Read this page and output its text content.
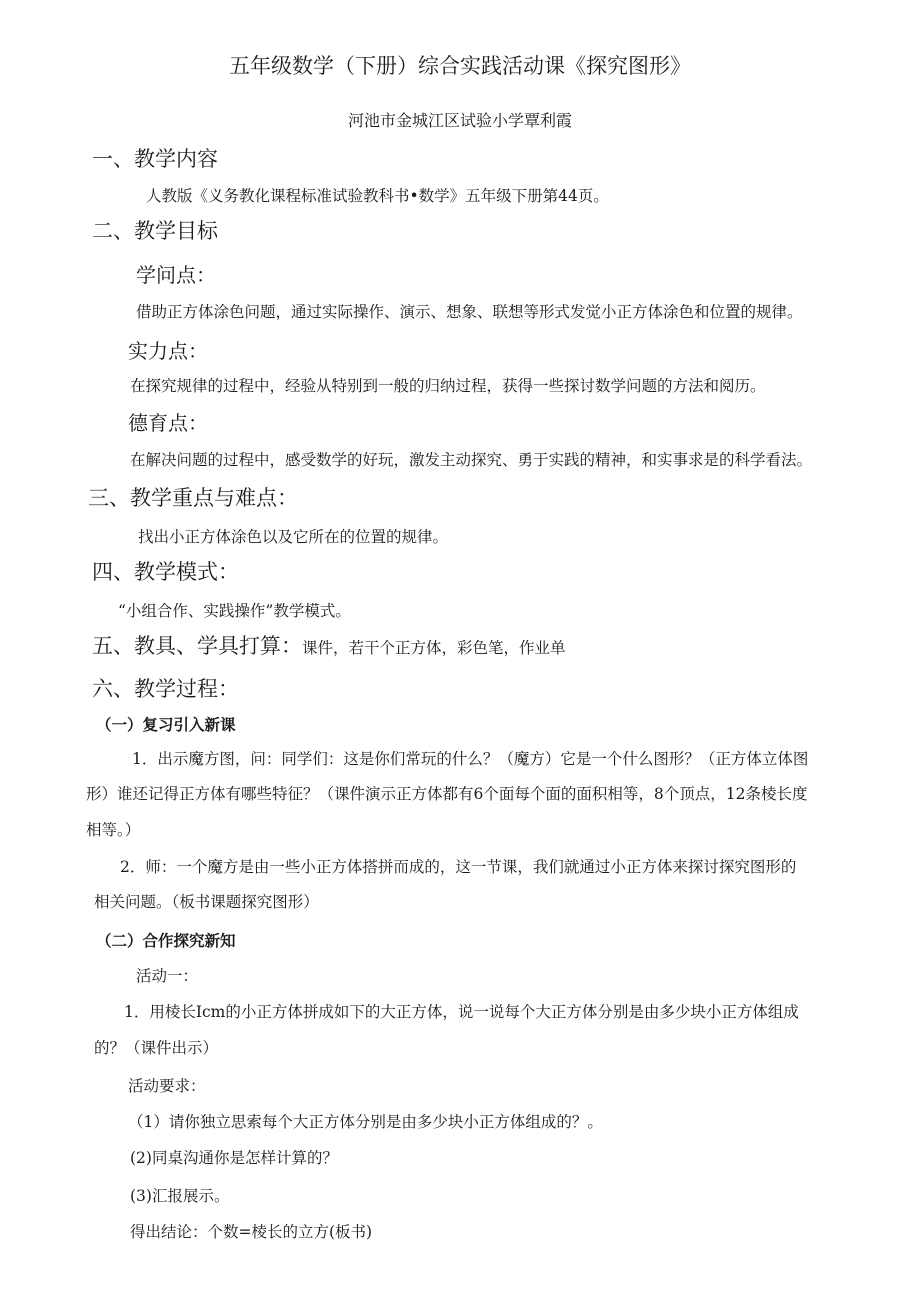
五年级数学（下册）综合实践活动课《探究图形》
河池市金城江区试验小学覃利霞
一、教学内容
人教版《义务教化课程标准试验教科书•数学》五年级下册第44页。
二、教学目标
学问点：
借助正方体涂色问题，通过实际操作、演示、想象、联想等形式发觉小正方体涂色和位置的规律。
实力点：
在探究规律的过程中，经验从特别到一般的归纳过程，获得一些探讨数学问题的方法和阅历。
德育点：
在解决问题的过程中，感受数学的好玩，激发主动探究、勇于实践的精神，和实事求是的科学看法。
三、教学重点与难点：
找出小正方体涂色以及它所在的位置的规律。
四、教学模式：
“小组合作、实践操作”教学模式。
五、教具、学具打算：课件，若干个正方体，彩色笔，作业单
六、教学过程：
（一）复习引入新课
1．出示魔方图，问：同学们：这是你们常玩的什么？（魔方）它是一个什么图形？（正方体立体图
形）谁还记得正方体有哪些特征？（课件演示正方体都有6个面每个面的面积相等，8个顶点，12条棱长度
相等。）
2．师：一个魔方是由一些小正方体搭拼而成的，这一节课，我们就通过小正方体来探讨探究图形的
相关问题。（板书课题探究图形）
（二）合作探究新知
活动一：
1．用棱长Icm的小正方体拼成如下的大正方体，说一说每个大正方体分别是由多少块小正方体组成
的？（课件出示）
活动要求：
（1）请你独立思索每个大正方体分别是由多少块小正方体组成的？。
(2)同桌沟通你是怎样计算的？
(3)汇报展示。
得出结论：个数=棱长的立方(板书)
